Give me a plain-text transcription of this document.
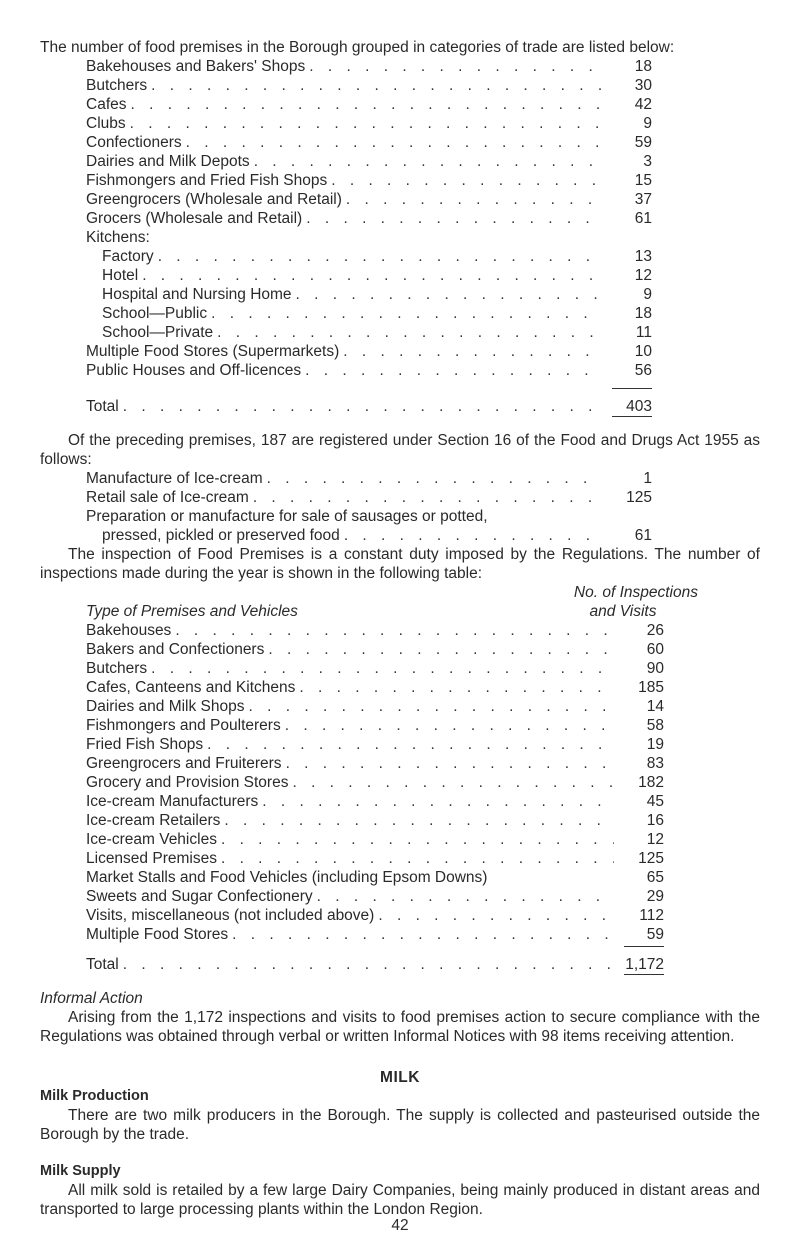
The number of food premises in the Borough grouped in categories of trade are listed below:
Bakehouses and Bakers' Shops . . .	18
Butchers . . .	30
Cafes . . .	42
Clubs . . .	9
Confectioners . . .	59
Dairies and Milk Depots . . .	3
Fishmongers and Fried Fish Shops . . .	15
Greengrocers (Wholesale and Retail) . . .	37
Grocers (Wholesale and Retail) . . .	61
Kitchens:
Factory . . .	13
Hotel . . .	12
Hospital and Nursing Home . . .	9
School—Public . . .	18
School—Private . . .	11
Multiple Food Stores (Supermarkets) . . .	10
Public Houses and Off-licences . . .	56
Total . . .	403
Of the preceding premises, 187 are registered under Section 16 of the Food and Drugs Act 1955 as follows:
Manufacture of Ice-cream . . .	1
Retail sale of Ice-cream . . .	125
Preparation or manufacture for sale of sausages or potted,
pressed, pickled or preserved food . . .	61
The inspection of Food Premises is a constant duty imposed by the Regulations. The number of inspections made during the year is shown in the following table:
No. of Inspections
Type of Premises and Vehicles	and Visits
Bakehouses . . .	26
Bakers and Confectioners . . .	60
Butchers . . .	90
Cafes, Canteens and Kitchens . . .	185
Dairies and Milk Shops . . .	14
Fishmongers and Poulterers . . .	58
Fried Fish Shops . . .	19
Greengrocers and Fruiterers . . .	83
Grocery and Provision Stores . . .	182
Ice-cream Manufacturers . . .	45
Ice-cream Retailers . . .	16
Ice-cream Vehicles . . .	12
Licensed Premises . . .	125
Market Stalls and Food Vehicles (including Epsom Downs)	65
Sweets and Sugar Confectionery . . .	29
Visits, miscellaneous (not included above) . . .	112
Multiple Food Stores . . .	59
Total . . .	1,172
Informal Action
Arising from the 1,172 inspections and visits to food premises action to secure compliance with the Regulations was obtained through verbal or written Informal Notices with 98 items receiving attention.
MILK
Milk Production
There are two milk producers in the Borough. The supply is collected and pasteurised outside the Borough by the trade.
Milk Supply
All milk sold is retailed by a few large Dairy Companies, being mainly produced in distant areas and transported to large processing plants within the London Region.
42
